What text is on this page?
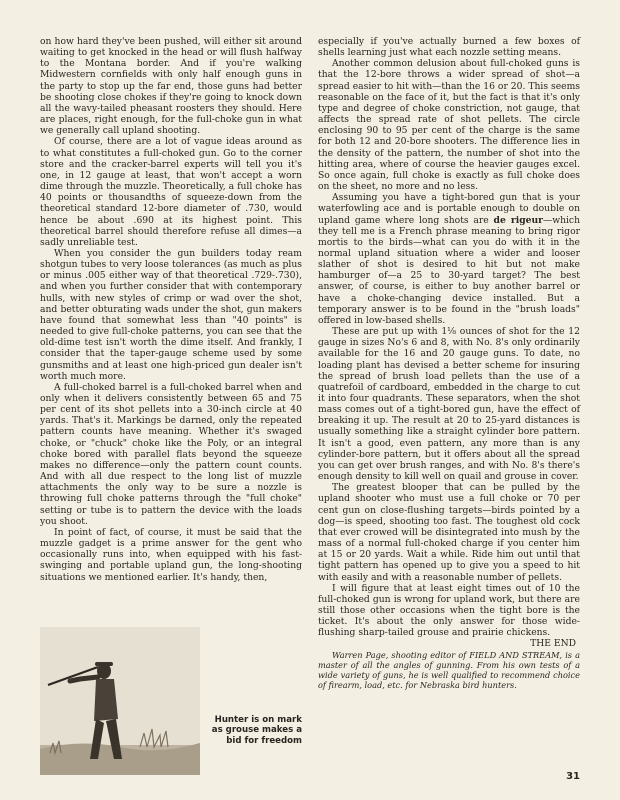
on how hard they've been pushed, will either sit around waiting to get knocked in the head or will flush halfway to the Montana border. And if you're walking Midwestern cornfields with only half enough guns in the party to stop up the far end, those guns had better be shooting close chokes if they're going to knock down all the wavy-tailed pheasant roosters they should. Here are places, right enough, for the full-choke gun in what we generally call upland shooting.

Of course, there are a lot of vague ideas around as to what constitutes a full-choked gun. Go to the corner store and the cracker-barrel experts will tell you it's one, in 12 gauge at least, that won't accept a worn dime through the muzzle. Theoretically, a full choke has 40 points or thousandths of squeeze-down from the theoretical standard 12-bore diameter of .730, would hence be about .690 at its highest point. This theoretical barrel should therefore refuse all dimes—a sadly unreliable test.

When you consider the gun builders today ream shotgun tubes to very loose tolerances (as much as plus or minus .005 either way of that theoretical .729-.730), and when you further consider that with contemporary hulls, with new styles of crimp or wad over the shot, and better obturating wads under the shot, gun makers have found that somewhat less than "40 points" is needed to give full-choke patterns, you can see that the old-dime test isn't worth the dime itself. And frankly, I consider that the taper-gauge scheme used by some gunsmiths and at least one high-priced gun dealer isn't worth much more.

A full-choked barrel is a full-choked barrel when and only when it delivers consistently between 65 and 75 per cent of its shot pellets into a 30-inch circle at 40 yards. That's it. Markings be darned, only the repeated pattern counts have meaning. Whether it's swaged choke, or "chuck" choke like the Poly, or an integral choke bored with parallel flats beyond the squeeze makes no difference—only the pattern count counts. And with all due respect to the long list of muzzle attachments the only way to be sure a nozzle is throwing full choke patterns through the "full choke" setting or tube is to pattern the device with the loads you shoot.

In point of fact, of course, it must be said that the muzzle gadget is a prime answer for the gent who occasionally runs into, when equipped with his fast-swinging and portable upland gun, the long-shooting situations we mentioned earlier. It's handy, then,

especially if you've actually burned a few boxes of shells learning just what each nozzle setting means.

Another common delusion about full-choked guns is that the 12-bore throws a wider spread of shot—a spread easier to hit with—than the 16 or 20. This seems reasonable on the face of it, but the fact is that it's only type and degree of choke constriction, not gauge, that affects the spread rate of shot pellets. The circle enclosing 90 to 95 per cent of the charge is the same for both 12 and 20-bore shooters. The difference lies in the density of the pattern, the number of shot into the hitting area, where of course the heavier gauges excel. So once again, full choke is exactly as full choke does on the sheet, no more and no less.

Assuming you have a tight-bored gun that is your waterfowling ace and is portable enough to double on upland game where long shots are de rigeur—which they tell me is a French phrase meaning to bring rigor mortis to the birds—what can you do with it in the normal upland situation where a wider and looser slather of shot is desired to hit but not make hamburger of—a 25 to 30-yard target? The best answer, of course, is either to buy another barrel or have a choke-changing device installed. But a temporary answer is to be found in the "brush loads" offered in low-based shells.

These are put up with 1⅛ ounces of shot for the 12 gauge in sizes No's 6 and 8, with No. 8's only ordinarily available for the 16 and 20 gauge guns. To date, no loading plant has devised a better scheme for insuring the spread of brush load pellets than the use of a quatrefoil of cardboard, embedded in the charge to cut it into four quadrants. These separators, when the shot mass comes out of a tight-bored gun, have the effect of breaking it up. The result at 20 to 25-yard distances is usually something like a straight cylinder bore pattern. It isn't a good, even pattern, any more than is any cylinder-bore pattern, but it offers about all the spread you can get over brush ranges, and with No. 8's there's enough density to kill well on quail and grouse in cover.

The greatest blooper that can be pulled by the upland shooter who must use a full choke or 70 per cent gun on close-flushing targets—birds pointed by a dog—is speed, shooting too fast. The toughest old cock that ever crowed will be disintegrated into mush by the mass of a normal full-choked charge if you center him at 15 or 20 yards. Wait a while. Ride him out until that tight pattern has opened up to give you a speed to hit with easily and with a reasonable number of pellets.

I will figure that at least eight times out of 10 the full-choked gun is wrong for upland work, but there are still those other occasions when the tight bore is the ticket. It's about the only answer for those wide-flushing sharp-tailed grouse and prairie chickens.

THE END

Warren Page, shooting editor of FIELD AND STREAM, is a master of all the angles of gunning. From his own tests of a wide variety of guns, he is well qualified to recommend choice of firearm, load, etc. for Nebraska bird hunters.

Hunter is on mark as grouse makes a bid for freedom
31
